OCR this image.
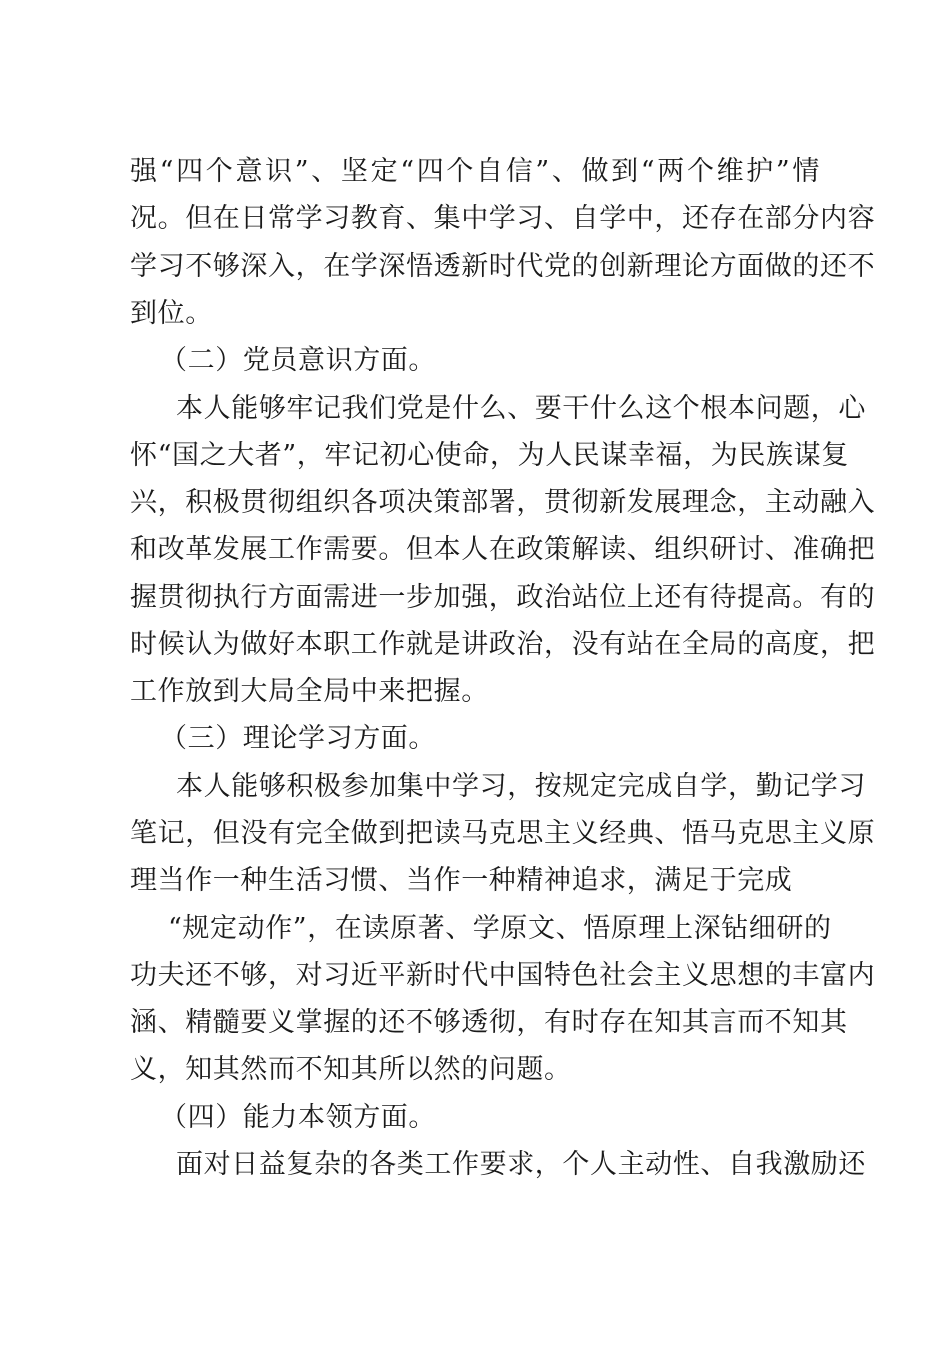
强“四个意识”、坚定“四个自信”、做到“两个维护”情
况。但在日常学习教育、集中学习、自学中，还存在部分内容
学习不够深入，在学深悟透新时代党的创新理论方面做的还不
到位。
（二）党员意识方面。
本人能够牢记我们党是什么、要干什么这个根本问题，心
怀“国之大者”，牢记初心使命，为人民谋幸福，为民族谋复
兴，积极贯彻组织各项决策部署，贯彻新发展理念，主动融入
和改革发展工作需要。但本人在政策解读、组织研讨、准确把
握贯彻执行方面需进一步加强，政治站位上还有待提高。有的
时候认为做好本职工作就是讲政治，没有站在全局的高度，把
工作放到大局全局中来把握。
（三）理论学习方面。
本人能够积极参加集中学习，按规定完成自学，勤记学习
笔记，但没有完全做到把读马克思主义经典、悟马克思主义原
理当作一种生活习惯、当作一种精神追求，满足于完成
“规定动作”，在读原著、学原文、悟原理上深钻细研的
功夫还不够，对习近平新时代中国特色社会主义思想的丰富内
涵、精髓要义掌握的还不够透彻，有时存在知其言而不知其
义，知其然而不知其所以然的问题。
（四）能力本领方面。
面对日益复杂的各类工作要求，个人主动性、自我激励还
